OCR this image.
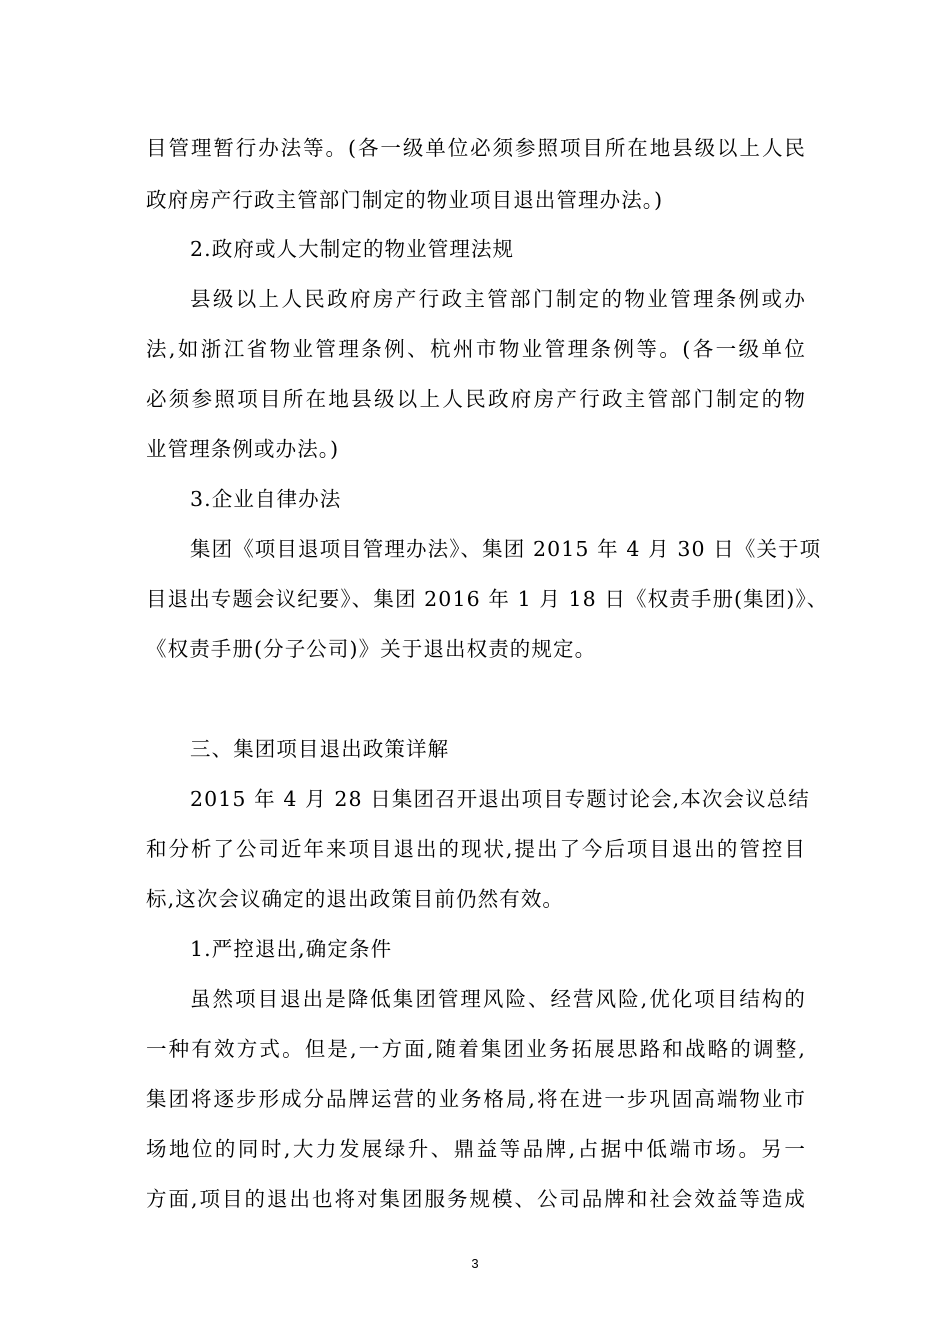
目管理暂行办法等。(各一级单位必须参照项目所在地县级以上人民
政府房产行政主管部门制定的物业项目退出管理办法。)
2.政府或人大制定的物业管理法规
县级以上人民政府房产行政主管部门制定的物业管理条例或办
法,如浙江省物业管理条例、杭州市物业管理条例等。(各一级单位
必须参照项目所在地县级以上人民政府房产行政主管部门制定的物
业管理条例或办法。)
3.企业自律办法
集团《项目退项目管理办法》、集团 2015 年 4 月 30 日《关于项
目退出专题会议纪要》、集团 2016 年 1 月 18 日《权责手册(集团)》、
《权责手册(分子公司)》关于退出权责的规定。
三、集团项目退出政策详解
2015 年 4 月 28 日集团召开退出项目专题讨论会,本次会议总结
和分析了公司近年来项目退出的现状,提出了今后项目退出的管控目
标,这次会议确定的退出政策目前仍然有效。
1.严控退出,确定条件
虽然项目退出是降低集团管理风险、经营风险,优化项目结构的
一种有效方式。但是,一方面,随着集团业务拓展思路和战略的调整,
集团将逐步形成分品牌运营的业务格局,将在进一步巩固高端物业市
场地位的同时,大力发展绿升、鼎益等品牌,占据中低端市场。另一
方面,项目的退出也将对集团服务规模、公司品牌和社会效益等造成
3
